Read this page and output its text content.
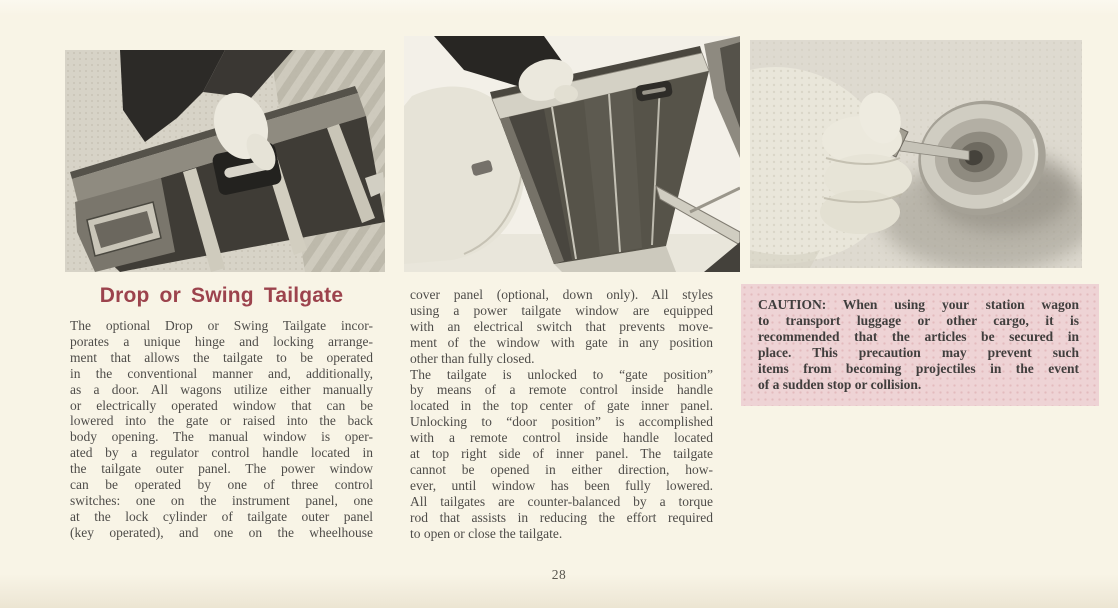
Drop or Swing Tailgate
The optional Drop or Swing Tailgate incor-
porates a unique hinge and locking arrange-
ment that allows the tailgate to be operated
in the conventional manner and, additionally,
as a door. All wagons utilize either manually
or electrically operated window that can be
lowered into the gate or raised into the back
body opening. The manual window is oper-
ated by a regulator control handle located in
the tailgate outer panel. The power window
can be operated by one of three control
switches: one on the instrument panel, one
at the lock cylinder of tailgate outer panel
(key operated), and one on the wheelhouse
cover panel (optional, down only). All styles
using a power tailgate window are equipped
with an electrical switch that prevents move-
ment of the window with gate in any position
other than fully closed.
The tailgate is unlocked to “gate position”
by means of a remote control inside handle
located in the top center of gate inner panel.
Unlocking to “door position” is accomplished
with a remote control inside handle located
at top right side of inner panel. The tailgate
cannot be opened in either direction, how-
ever, until window has been fully lowered.
All tailgates are counter-balanced by a torque
rod that assists in reducing the effort required
to open or close the tailgate.
CAUTION: When using your station wagon
to transport luggage or other cargo, it is
recommended that the articles be secured in
place. This precaution may prevent such
items from becoming projectiles in the event
of a sudden stop or collision.
28
